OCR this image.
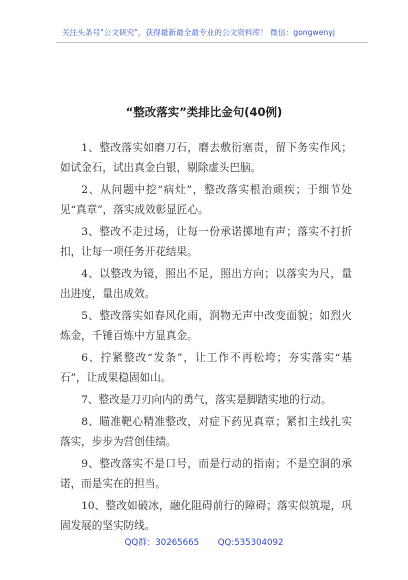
关注头条号"公文研究"，获得最新最全最专业的公文资料库！ 微信：gongwenyj
“整改落实”类排比金句(40例)

1、整改落实如磨刀石，磨去敷衍塞责，留下务实作风；如试金石，试出真金白银，剔除虚头巴脑。

2、从问题中挖“病灶”，整改落实根治顽疾；于细节处见“真章”，落实成效彰显匠心。

3、整改不走过场，让每一份承诺掷地有声；落实不打折扣，让每一项任务开花结果。

4、以整改为镜，照出不足，照出方向；以落实为尺，量出进度，量出成效。

5、整改落实如春风化雨，润物无声中改变面貌；如烈火炼金，千锤百炼中方显真金。

6、拧紧整改“发条”，让工作不再松垮；夯实落实“基石”，让成果稳固如山。

7、整改是刀刃向内的勇气，落实是脚踏实地的行动。

8、瞄准靶心精准整改，对症下药见真章；紧扣主线扎实落实，步步为营创佳绩。

9、整改落实不是口号，而是行动的指南；不是空洞的承诺，而是实在的担当。

10、整改如破冰，融化阻碍前行的障碍；落实似筑堤，巩固发展的坚实防线。

QQ群：30265665 QQ:535304092
